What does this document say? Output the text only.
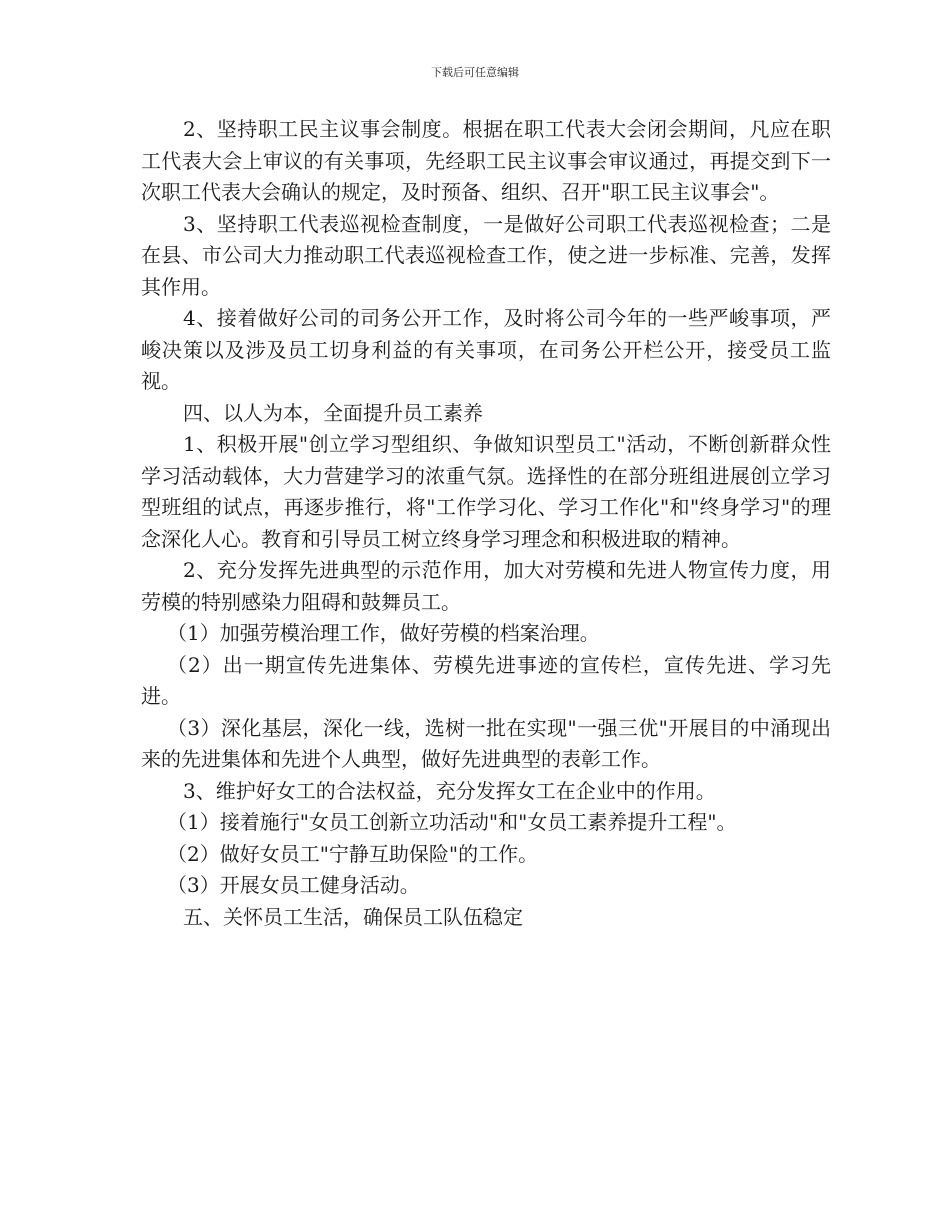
下载后可任意编辑

2、坚持职工民主议事会制度。根据在职工代表大会闭会期间，凡应在职工代表大会上审议的有关事项，先经职工民主议事会审议通过，再提交到下一次职工代表大会确认的规定，及时预备、组织、召开"职工民主议事会"。

3、坚持职工代表巡视检查制度，一是做好公司职工代表巡视检查；二是在县、市公司大力推动职工代表巡视检查工作，使之进一步标准、完善，发挥其作用。

4、接着做好公司的司务公开工作，及时将公司今年的一些严峻事项，严峻决策以及涉及员工切身利益的有关事项，在司务公开栏公开，接受员工监视。

四、以人为本，全面提升员工素养

1、积极开展"创立学习型组织、争做知识型员工"活动，不断创新群众性学习活动载体，大力营建学习的浓重气氛。选择性的在部分班组进展创立学习型班组的试点，再逐步推行，将"工作学习化、学习工作化"和"终身学习"的理念深化人心。教育和引导员工树立终身学习理念和积极进取的精神。

2、充分发挥先进典型的示范作用，加大对劳模和先进人物宣传力度，用劳模的特别感染力阻碍和鼓舞员工。

（1）加强劳模治理工作，做好劳模的档案治理。

（2）出一期宣传先进集体、劳模先进事迹的宣传栏，宣传先进、学习先进。

（3）深化基层，深化一线，选树一批在实现"一强三优"开展目的中涌现出来的先进集体和先进个人典型，做好先进典型的表彰工作。

3、维护好女工的合法权益，充分发挥女工在企业中的作用。

（1）接着施行"女员工创新立功活动"和"女员工素养提升工程"。

（2）做好女员工"宁静互助保险"的工作。

（3）开展女员工健身活动。

五、关怀员工生活，确保员工队伍稳定
